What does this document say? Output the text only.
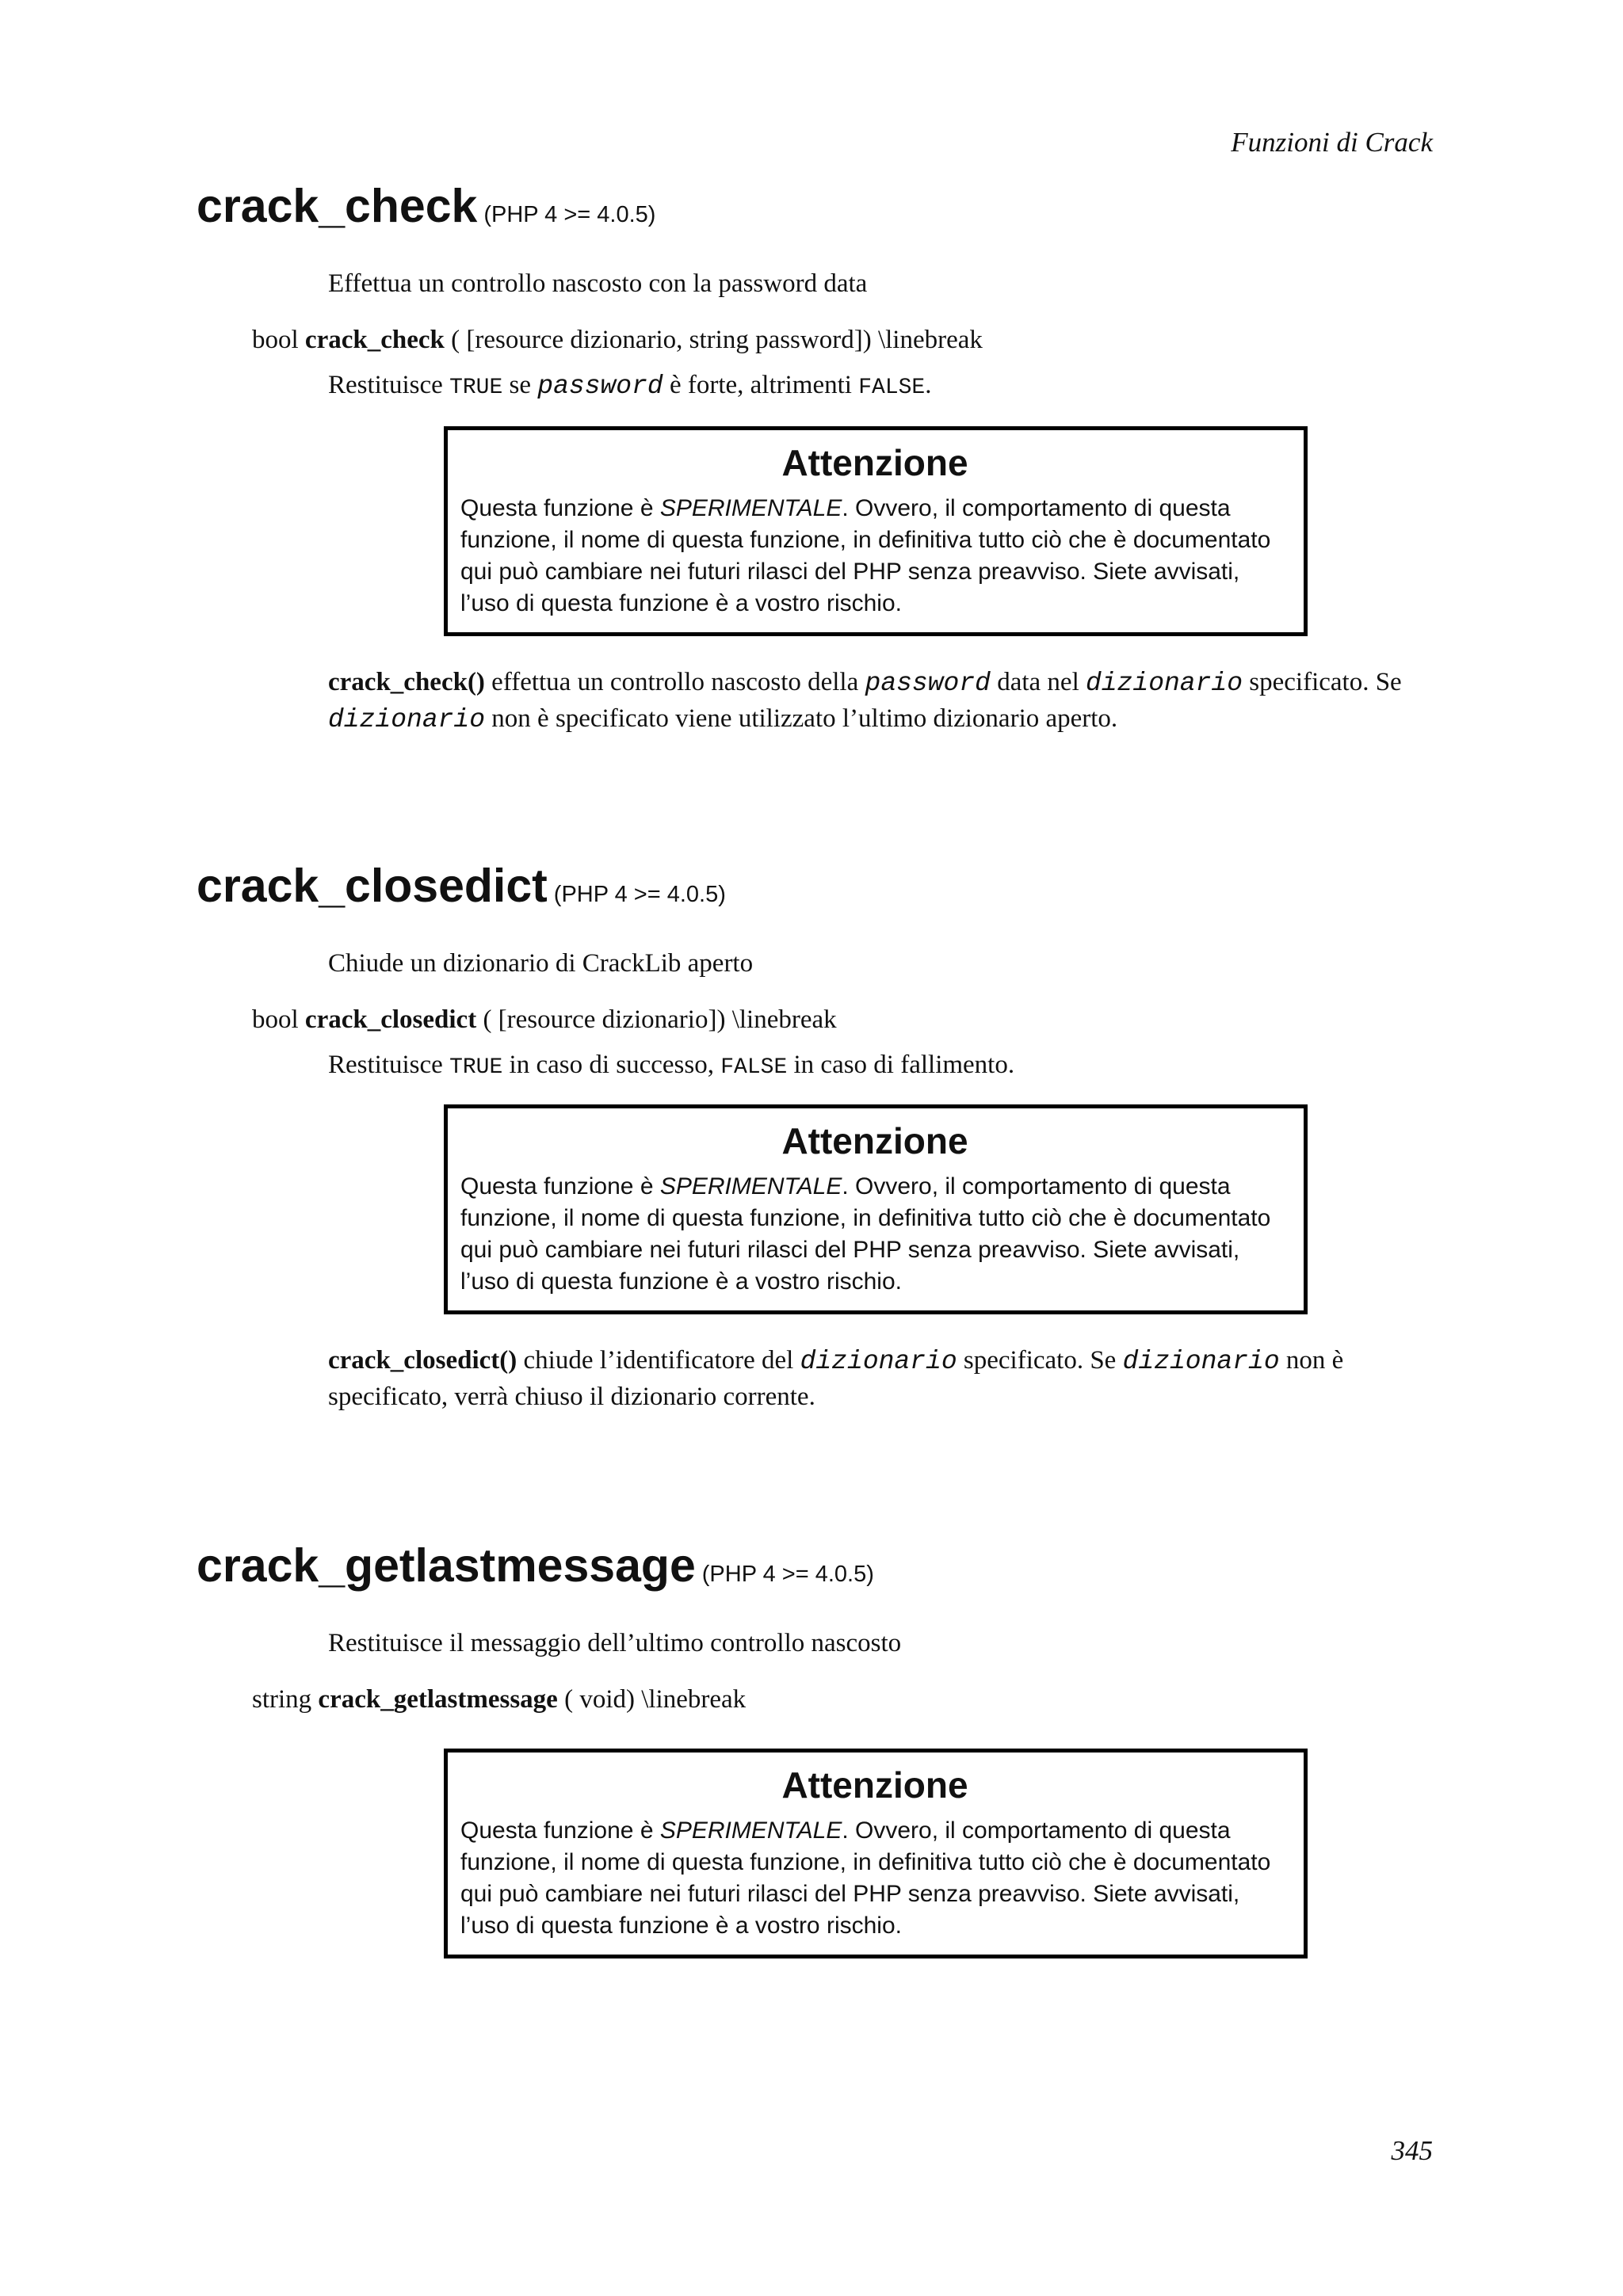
Funzioni di Crack
crack_check (PHP 4 >= 4.0.5)
Effettua un controllo nascosto con la password data
bool crack_check ( [resource dizionario, string password]) \linebreak
Restituisce TRUE se password è forte, altrimenti FALSE.
Attenzione

Questa funzione è SPERIMENTALE. Ovvero, il comportamento di questa
funzione, il nome di questa funzione, in definitiva tutto ciò che è documentato
qui può cambiare nei futuri rilasci del PHP senza preavviso. Siete avvisati,
l’uso di questa funzione è a vostro rischio.

crack_check() effettua un controllo nascosto della password data nel dizionario specificato. Se dizionario non è specificato viene utilizzato l’ultimo dizionario aperto.
crack_closedict (PHP 4 >= 4.0.5)
Chiude un dizionario di CrackLib aperto
bool crack_closedict ( [resource dizionario]) \linebreak
Restituisce TRUE in caso di successo, FALSE in caso di fallimento.
Attenzione

Questa funzione è SPERIMENTALE. Ovvero, il comportamento di questa
funzione, il nome di questa funzione, in definitiva tutto ciò che è documentato
qui può cambiare nei futuri rilasci del PHP senza preavviso. Siete avvisati,
l’uso di questa funzione è a vostro rischio.

crack_closedict() chiude l’identificatore del dizionario specificato. Se dizionario non è specificato, verrà chiuso il dizionario corrente.
crack_getlastmessage (PHP 4 >= 4.0.5)
Restituisce il messaggio dell’ultimo controllo nascosto
string crack_getlastmessage ( void) \linebreak
Attenzione

Questa funzione è SPERIMENTALE. Ovvero, il comportamento di questa
funzione, il nome di questa funzione, in definitiva tutto ciò che è documentato
qui può cambiare nei futuri rilasci del PHP senza preavviso. Siete avvisati,
l’uso di questa funzione è a vostro rischio.

345
